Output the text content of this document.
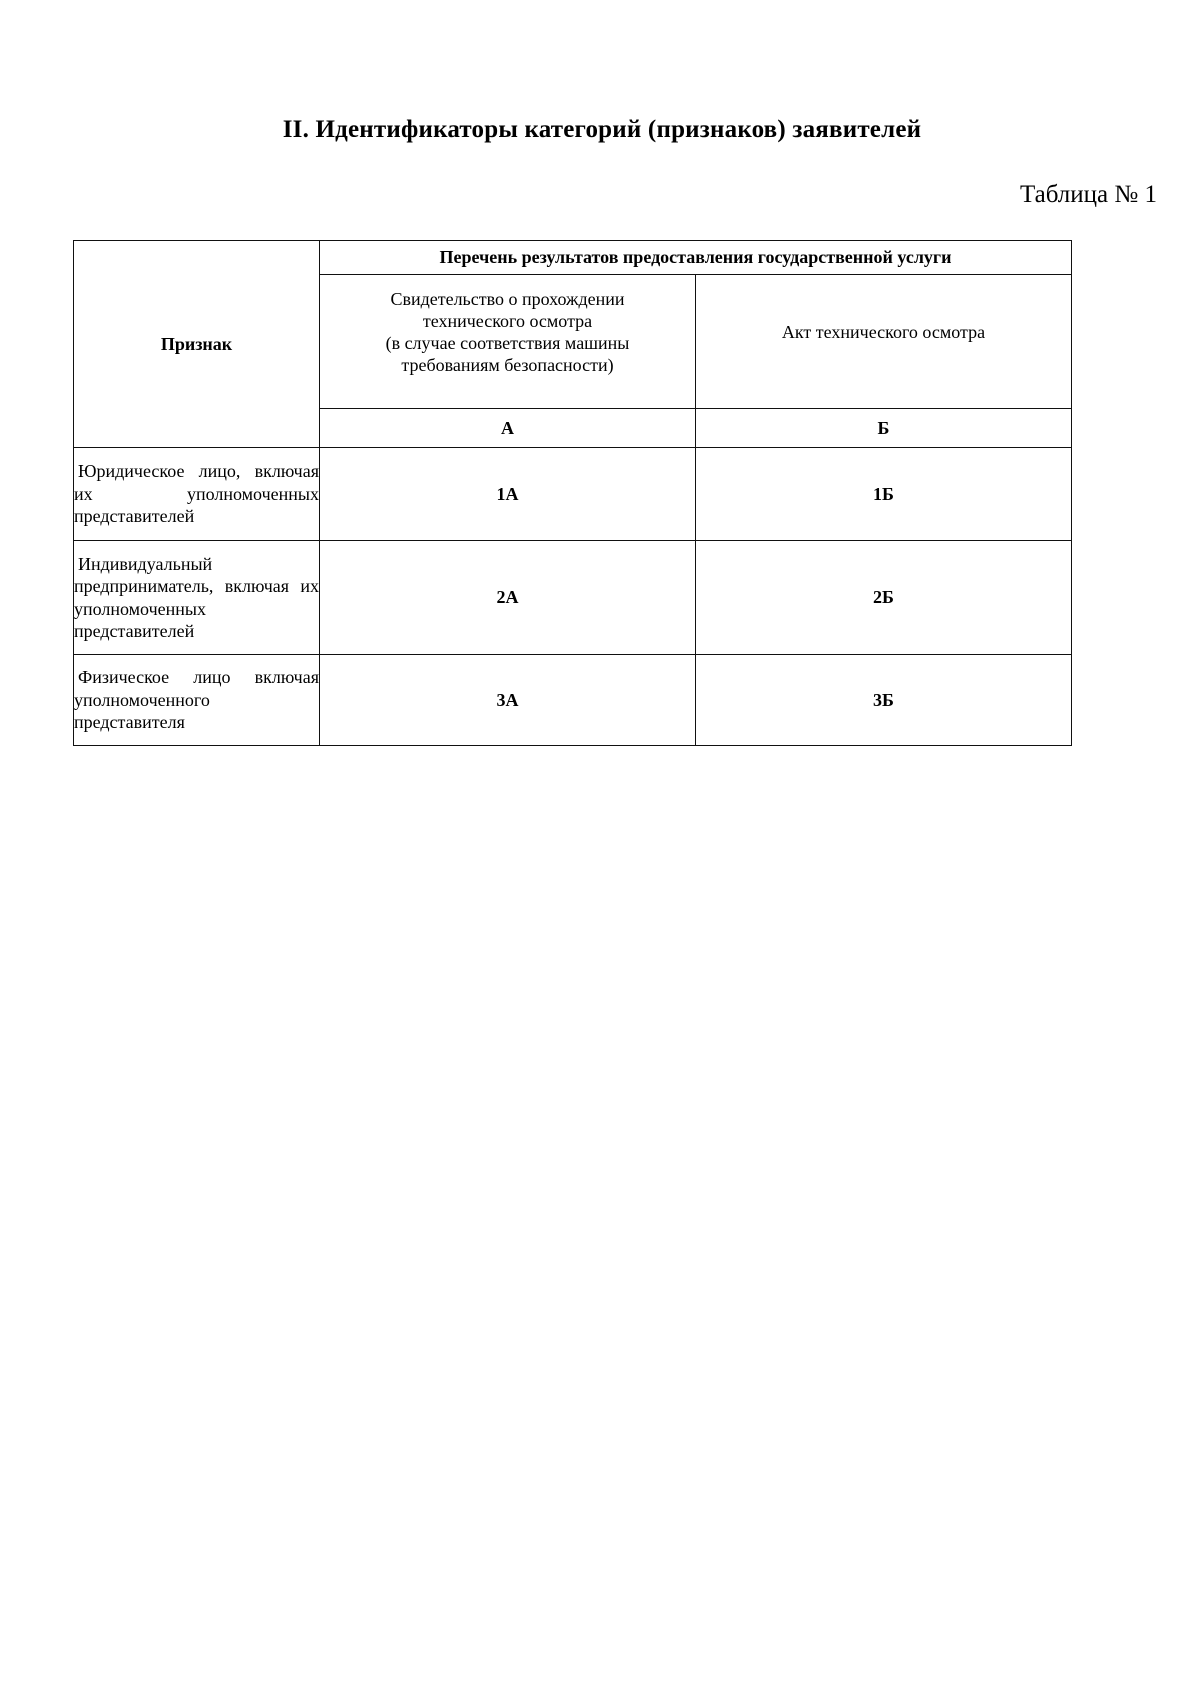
II. Идентификаторы категорий (признаков) заявителей
Таблица № 1
Признак	Перечень результатов предоставления государственной услуги	

	Свидетельство о прохождении
технического осмотра
(в случае соответствия машины
требованиям безопасности)	Акт технического осмотра

	А	Б
Юридическое лицо, включая их уполномоченных представителей	1А	1Б
Индивидуальный предприниматель, включая их уполномоченных представителей	2А	2Б
Физическое лицо включая уполномоченного представителя	3А	3Б
